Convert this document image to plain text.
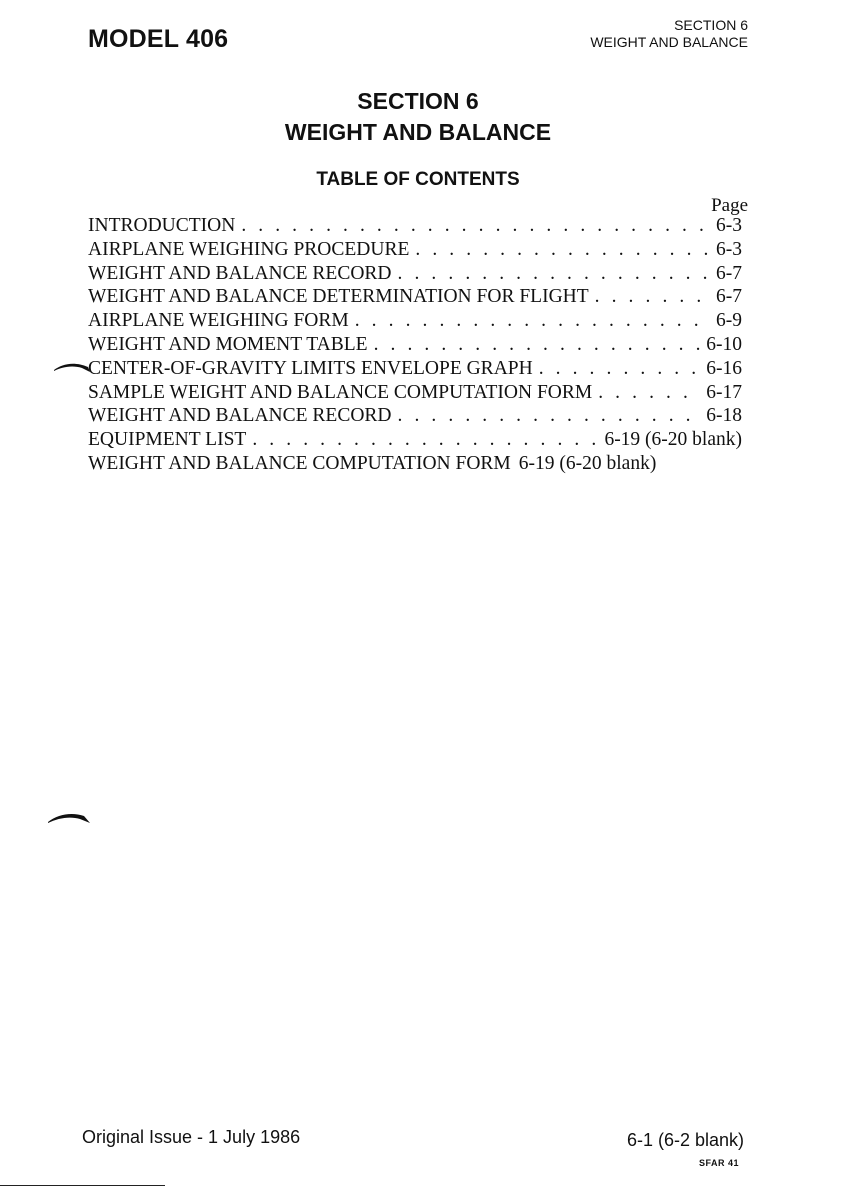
MODEL 406	SECTION 6
WEIGHT AND BALANCE
SECTION 6
WEIGHT AND BALANCE
TABLE OF CONTENTS
Page
INTRODUCTION . . .	6-3
AIRPLANE WEIGHING PROCEDURE . . .	6-3
WEIGHT AND BALANCE RECORD . . .	6-7
WEIGHT AND BALANCE DETERMINATION FOR FLIGHT . . .	6-7
AIRPLANE WEIGHING FORM . . .	6-9
WEIGHT AND MOMENT TABLE . . .	6-10
CENTER-OF-GRAVITY LIMITS ENVELOPE GRAPH . . .	6-16
SAMPLE WEIGHT AND BALANCE COMPUTATION FORM . . .	6-17
WEIGHT AND BALANCE RECORD . . .	6-18
EQUIPMENT LIST . . .	6-19 (6-20 blank)
WEIGHT AND BALANCE COMPUTATION FORM 6-19 (6-20 blank)
Original Issue - 1 July 1986	6-1 (6-2 blank)
SFAR 41
